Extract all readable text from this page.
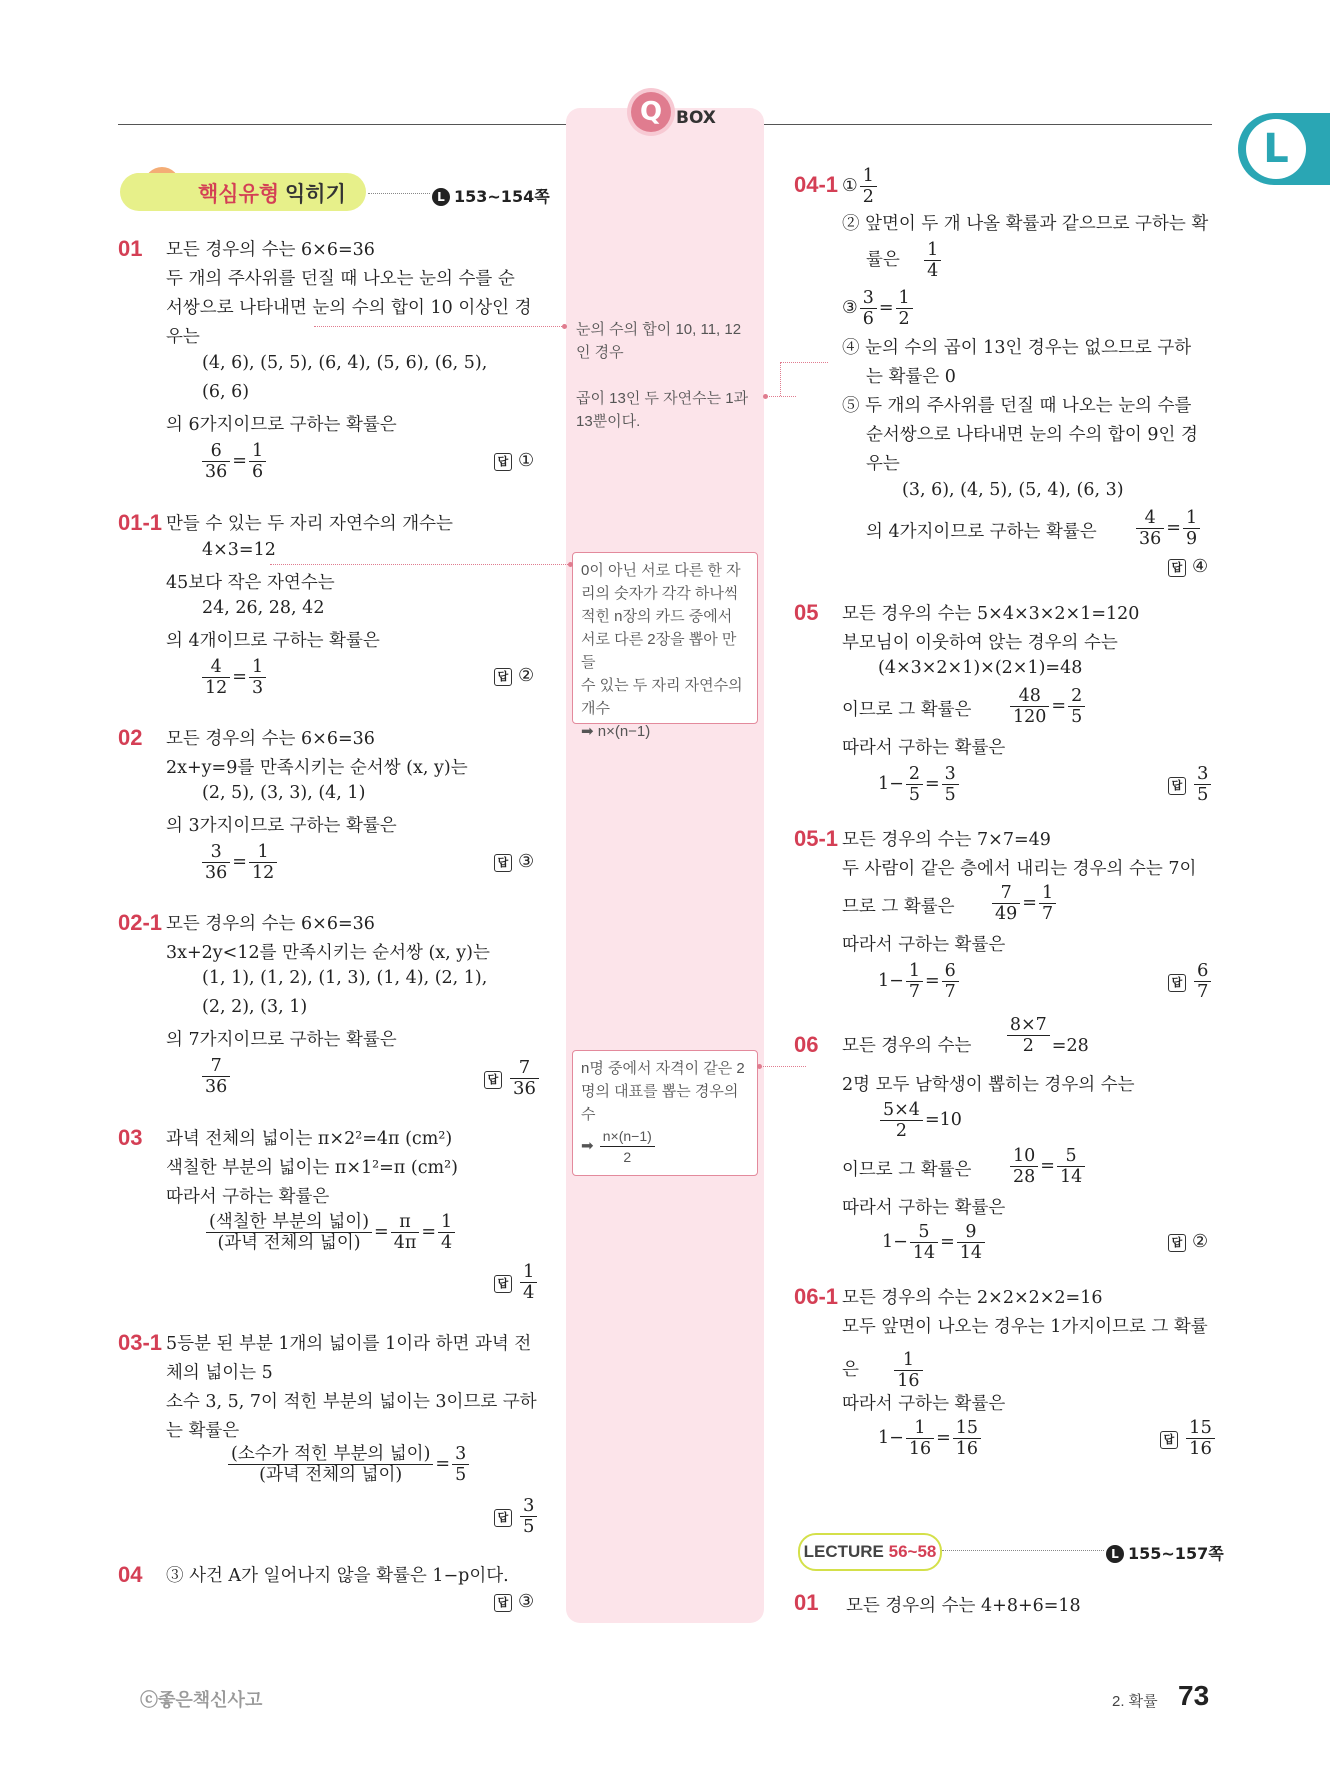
Q BOX
L
핵심유형 익히기	L 153~154쪽
01 모든 경우의 수는 6×6=36
두 개의 주사위를 던질 때 나오는 눈의 수를 순
서쌍으로 나타내면 눈의 수의 합이 10 이상인 경
우는
(4, 6), (5, 5), (6, 4), (5, 6), (6, 5),
(6, 6)
의 6가지이므로 구하는 확률은
$\frac{6}{36} = \frac{1}{6}$	답 ①
01-1 만들 수 있는 두 자리 자연수의 개수는
4×3=12
45보다 작은 자연수는
24, 26, 28, 42
의 4개이므로 구하는 확률은
$\frac{4}{12} = \frac{1}{3}$	답 ②
02 모든 경우의 수는 6×6=36
2x+y=9를 만족시키는 순서쌍 (x, y)는
(2, 5), (3, 3), (4, 1)
의 3가지이므로 구하는 확률은
$\frac{3}{36} = \frac{1}{12}$	답 ③
02-1 모든 경우의 수는 6×6=36
3x+2y<12를 만족시키는 순서쌍 (x, y)는
(1, 1), (1, 2), (1, 3), (1, 4), (2, 1),
(2, 2), (3, 1)
의 7가지이므로 구하는 확률은
$\frac{7}{36}$	답 $\frac{7}{36}$
03 과녁 전체의 넓이는 π×2²=4π (cm²)
색칠한 부분의 넓이는 π×1²=π (cm²)
따라서 구하는 확률은
$\frac{\text{(색칠한 부분의 넓이)}}{\text{(과녁 전체의 넓이)}} = \frac{\pi}{4\pi} = \frac{1}{4}$
답 $\frac{1}{4}$
03-1 5등분 된 부분 1개의 넓이를 1이라 하면 과녁 전
체의 넓이는 5
소수 3, 5, 7이 적힌 부분의 넓이는 3이므로 구하
는 확률은
$\frac{\text{(소수가 적힌 부분의 넓이)}}{\text{(과녁 전체의 넓이)}} = \frac{3}{5}$
답 $\frac{3}{5}$
04 ③ 사건 A가 일어나지 않을 확률은 1−p이다.
답 ③
눈의 수의 합이 10, 11, 12
인 경우
곱이 13인 두 자연수는 1과
13뿐이다.
0이 아닌 서로 다른 한 자
리의 숫자가 각각 하나씩
적힌 n장의 카드 중에서
서로 다른 2장을 뽑아 만들
수 있는 두 자리 자연수의
개수
➡ n×(n−1)
n명 중에서 자격이 같은 2
명의 대표를 뽑는 경우의
수
➡ $\frac{n\times(n-1)}{2}$
04-1 ① $\frac{1}{2}$
② 앞면이 두 개 나올 확률과 같으므로 구하는 확
률은 $\frac{1}{4}$
③ $\frac{3}{6} = \frac{1}{2}$
④ 눈의 수의 곱이 13인 경우는 없으므로 구하
는 확률은 0
⑤ 두 개의 주사위를 던질 때 나오는 눈의 수를
순서쌍으로 나타내면 눈의 수의 합이 9인 경
우는
(3, 6), (4, 5), (5, 4), (6, 3)
의 4가지이므로 구하는 확률은 $\frac{4}{36} = \frac{1}{9}$
답 ④
05 모든 경우의 수는 5×4×3×2×1=120
부모님이 이웃하여 앉는 경우의 수는
(4×3×2×1)×(2×1)=48
이므로 그 확률은 $\frac{48}{120} = \frac{2}{5}$
따라서 구하는 확률은
$1- \frac{2}{5} = \frac{3}{5}$	답 $\frac{3}{5}$
05-1 모든 경우의 수는 7×7=49
두 사람이 같은 층에서 내리는 경우의 수는 7이
므로 그 확률은 $\frac{7}{49} = \frac{1}{7}$
따라서 구하는 확률은
$1- \frac{1}{7} = \frac{6}{7}$	답 $\frac{6}{7}$
06 모든 경우의 수는 $\frac{8\times 7}{2} =28$
2명 모두 남학생이 뽑히는 경우의 수는
$\frac{5\times 4}{2} =10$
이므로 그 확률은 $\frac{10}{28} = \frac{5}{14}$
따라서 구하는 확률은
$1- \frac{5}{14} = \frac{9}{14}$	답 ②
06-1 모든 경우의 수는 2×2×2×2=16
모두 앞면이 나오는 경우는 1가지이므로 그 확률
은 $\frac{1}{16}$
따라서 구하는 확률은
$1- \frac{1}{16} = \frac{15}{16}$	답 $\frac{15}{16}$
LECTURE 56~58	L 155~157쪽
01 모든 경우의 수는 4+8+6=18
ⓒ좋은책신사고	2. 확률 73
